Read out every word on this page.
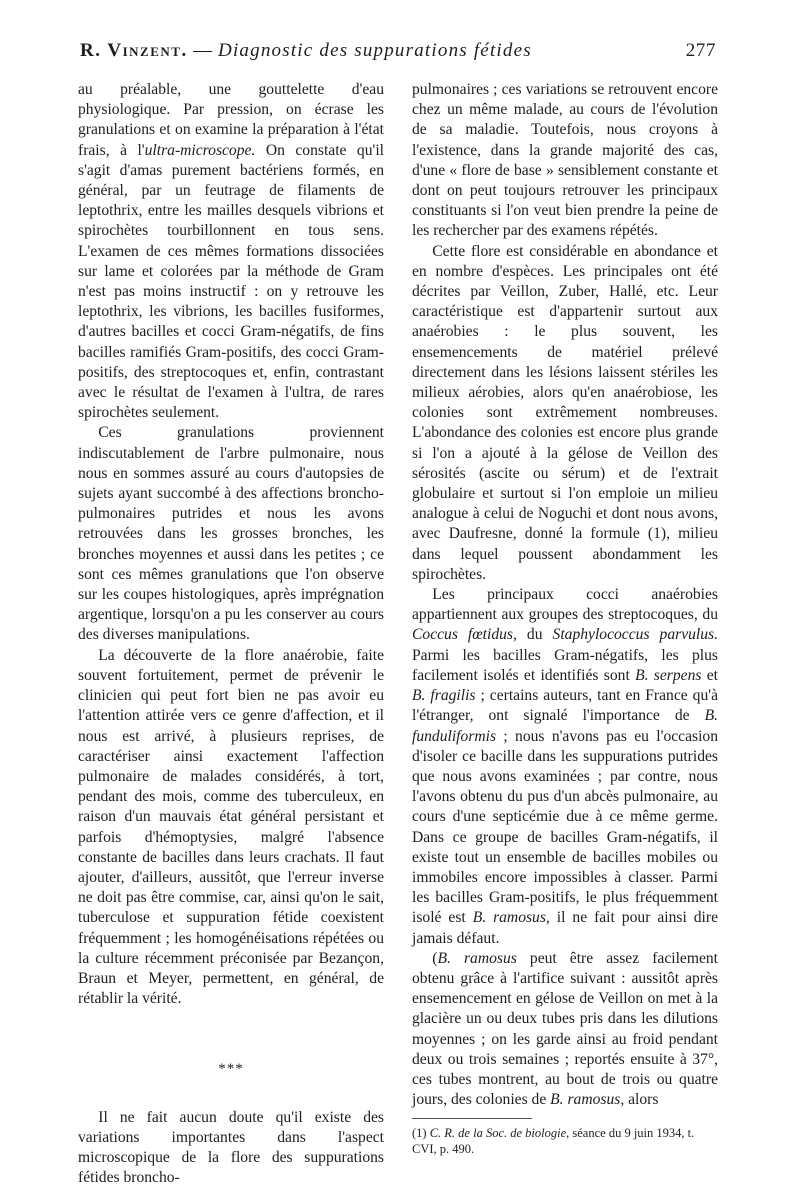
R. Vinzent. — Diagnostic des suppurations fétides	277

au préalable, une gouttelette d'eau physiologique. Par pression, on écrase les granulations et on examine la préparation à l'état frais, à l'ultra-microscope. On constate qu'il s'agit d'amas purement bactériens formés, en général, par un feutrage de filaments de leptothrix, entre les mailles desquels vibrions et spirochètes tourbillonnent en tous sens. L'examen de ces mêmes formations dissociées sur lame et colorées par la méthode de Gram n'est pas moins instructif : on y retrouve les leptothrix, les vibrions, les bacilles fusiformes, d'autres bacilles et cocci Gram-négatifs, de fins bacilles ramifiés Gram-positifs, des cocci Gram-positifs, des streptocoques et, enfin, contrastant avec le résultat de l'examen à l'ultra, de rares spirochètes seulement.

Ces granulations proviennent indiscutablement de l'arbre pulmonaire, nous nous en sommes assuré au cours d'autopsies de sujets ayant succombé à des affections broncho-pulmonaires putrides et nous les avons retrouvées dans les grosses bronches, les bronches moyennes et aussi dans les petites ; ce sont ces mêmes granulations que l'on observe sur les coupes histologiques, après imprégnation argentique, lorsqu'on a pu les conserver au cours des diverses manipulations.

La découverte de la flore anaérobie, faite souvent fortuitement, permet de prévenir le clinicien qui peut fort bien ne pas avoir eu l'attention attirée vers ce genre d'affection, et il nous est arrivé, à plusieurs reprises, de caractériser ainsi exactement l'affection pulmonaire de malades considérés, à tort, pendant des mois, comme des tuberculeux, en raison d'un mauvais état général persistant et parfois d'hémoptysies, malgré l'absence constante de bacilles dans leurs crachats. Il faut ajouter, d'ailleurs, aussitôt, que l'erreur inverse ne doit pas être commise, car, ainsi qu'on le sait, tuberculose et suppuration fétide coexistent fréquemment ; les homogénéisations répétées ou la culture récemment préconisée par Bezançon, Braun et Meyer, permettent, en général, de rétablir la vérité.

***

Il ne fait aucun doute qu'il existe des variations importantes dans l'aspect microscopique de la flore des suppurations fétides broncho-

pulmonaires ; ces variations se retrouvent encore chez un même malade, au cours de l'évolution de sa maladie. Toutefois, nous croyons à l'existence, dans la grande majorité des cas, d'une « flore de base » sensiblement constante et dont on peut toujours retrouver les principaux constituants si l'on veut bien prendre la peine de les rechercher par des examens répétés.

Cette flore est considérable en abondance et en nombre d'espèces. Les principales ont été décrites par Veillon, Zuber, Hallé, etc. Leur caractéristique est d'appartenir surtout aux anaérobies : le plus souvent, les ensemencements de matériel prélevé directement dans les lésions laissent stériles les milieux aérobies, alors qu'en anaérobiose, les colonies sont extrêmement nombreuses. L'abondance des colonies est encore plus grande si l'on a ajouté à la gélose de Veillon des sérosités (ascite ou sérum) et de l'extrait globulaire et surtout si l'on emploie un milieu analogue à celui de Noguchi et dont nous avons, avec Daufresne, donné la formule (1), milieu dans lequel poussent abondamment les spirochètes.

Les principaux cocci anaérobies appartiennent aux groupes des streptocoques, du Coccus fœtidus, du Staphylococcus parvulus. Parmi les bacilles Gram-négatifs, les plus facilement isolés et identifiés sont B. serpens et B. fragilis ; certains auteurs, tant en France qu'à l'étranger, ont signalé l'importance de B. funduliformis ; nous n'avons pas eu l'occasion d'isoler ce bacille dans les suppurations putrides que nous avons examinées ; par contre, nous l'avons obtenu du pus d'un abcès pulmonaire, au cours d'une septicémie due à ce même germe. Dans ce groupe de bacilles Gram-négatifs, il existe tout un ensemble de bacilles mobiles ou immobiles encore impossibles à classer. Parmi les bacilles Gram-positifs, le plus fréquemment isolé est B. ramosus, il ne fait pour ainsi dire jamais défaut.

(B. ramosus peut être assez facilement obtenu grâce à l'artifice suivant : aussitôt après ensemencement en gélose de Veillon on met à la glacière un ou deux tubes pris dans les dilutions moyennes ; on les garde ainsi au froid pendant deux ou trois semaines ; reportés ensuite à 37°, ces tubes montrent, au bout de trois ou quatre jours, des colonies de B. ramosus, alors

(1) C. R. de la Soc. de biologie, séance du 9 juin 1934, t. CVI, p. 490.
